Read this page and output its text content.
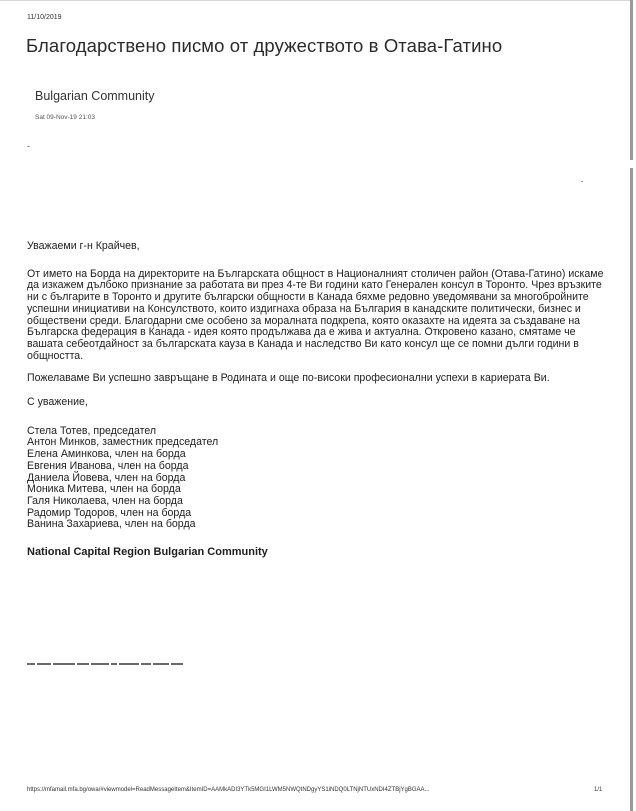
11/10/2019
Благодарствено писмо от дружеството в Отава-Гатино
Bulgarian Community
Sat 09-Nov-19 21:03
-

Уважаеми г-н Крайчев,

От името на Борда на директорите на Българската общност в Националният столичен район (Отава-Гатино) искаме да изкажем дълбоко признание за работата ви през 4-те Ви години като Генерален консул в Торонто. Чрез връзките ни с българите в Торонто и другите български общности в Канада бяхме редовно уведомявани за многобройните успешни инициативи на Консулството, които издигнаха образа на България в канадските политически, бизнес и обществени среди. Благодарни сме особено за моралната подкрепа, която оказахте на идеята за създаване на Българска федерация в Канада - идея която продължава да е жива и актуална. Откровено казано, смятаме че вашата себеотдайност за българската кауза в Канада и наследство Ви като консул ще се помни дълги години в общността.

Пожелаваме Ви успешно завръщане в Родината и още по-високи професионални успехи в кариерата Ви.

С уважение,

Стела Тотев, председател
Антон Минков, заместник председател
Елена Аминкова, член на борда
Евгения Иванова, член на борда
Даниела Йовева, член на борда
Моника Митева, член на борда
Галя Николаева, член на борда
Радомир Тодоров, член на борда
Ванина Захариева, член на борда

National Capital Region Bulgarian Community

https://mfamail.mfa.bg/owa/#viewmodel=ReadMessageItem&ItemID=AAMkADI3YTk5MGI1LWM5NWQtNDgyYS1iNDQ0LTNjNTUxNDI4ZTBjYgBGAA...	1/1
